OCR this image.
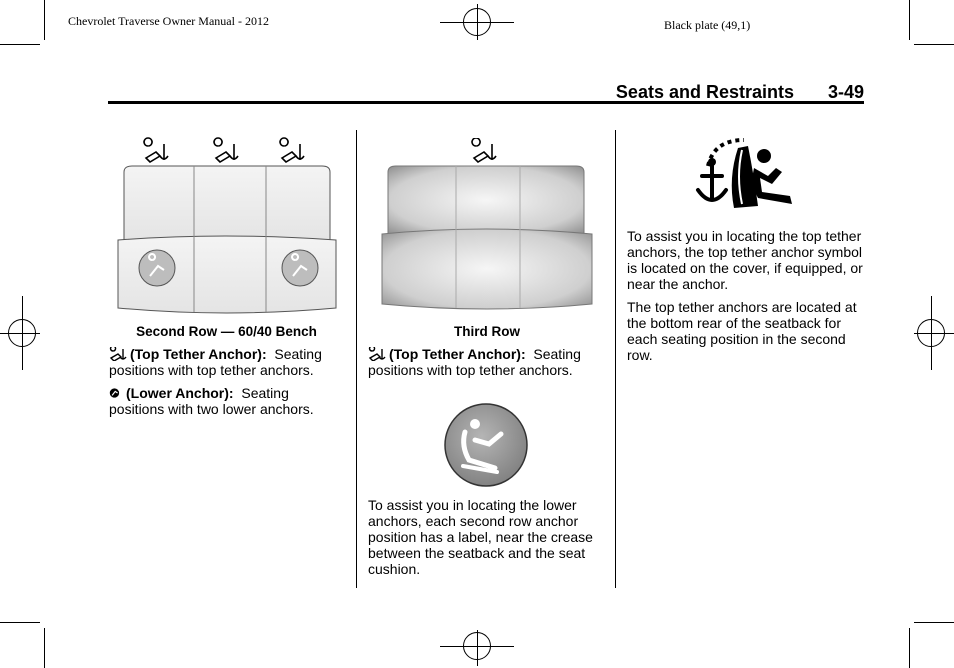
Chevrolet Traverse Owner Manual - 2012	Black plate (49,1)
Seats and Restraints 3-49
Second Row — 60/40 Bench
(Top Tether Anchor): Seating positions with top tether anchors.
(Lower Anchor): Seating positions with two lower anchors.
Third Row
(Top Tether Anchor): Seating positions with top tether anchors.
To assist you in locating the lower anchors, each second row anchor position has a label, near the crease between the seatback and the seat cushion.
To assist you in locating the top tether anchors, the top tether anchor symbol is located on the cover, if equipped, or near the anchor.
The top tether anchors are located at the bottom rear of the seatback for each seating position in the second row.
